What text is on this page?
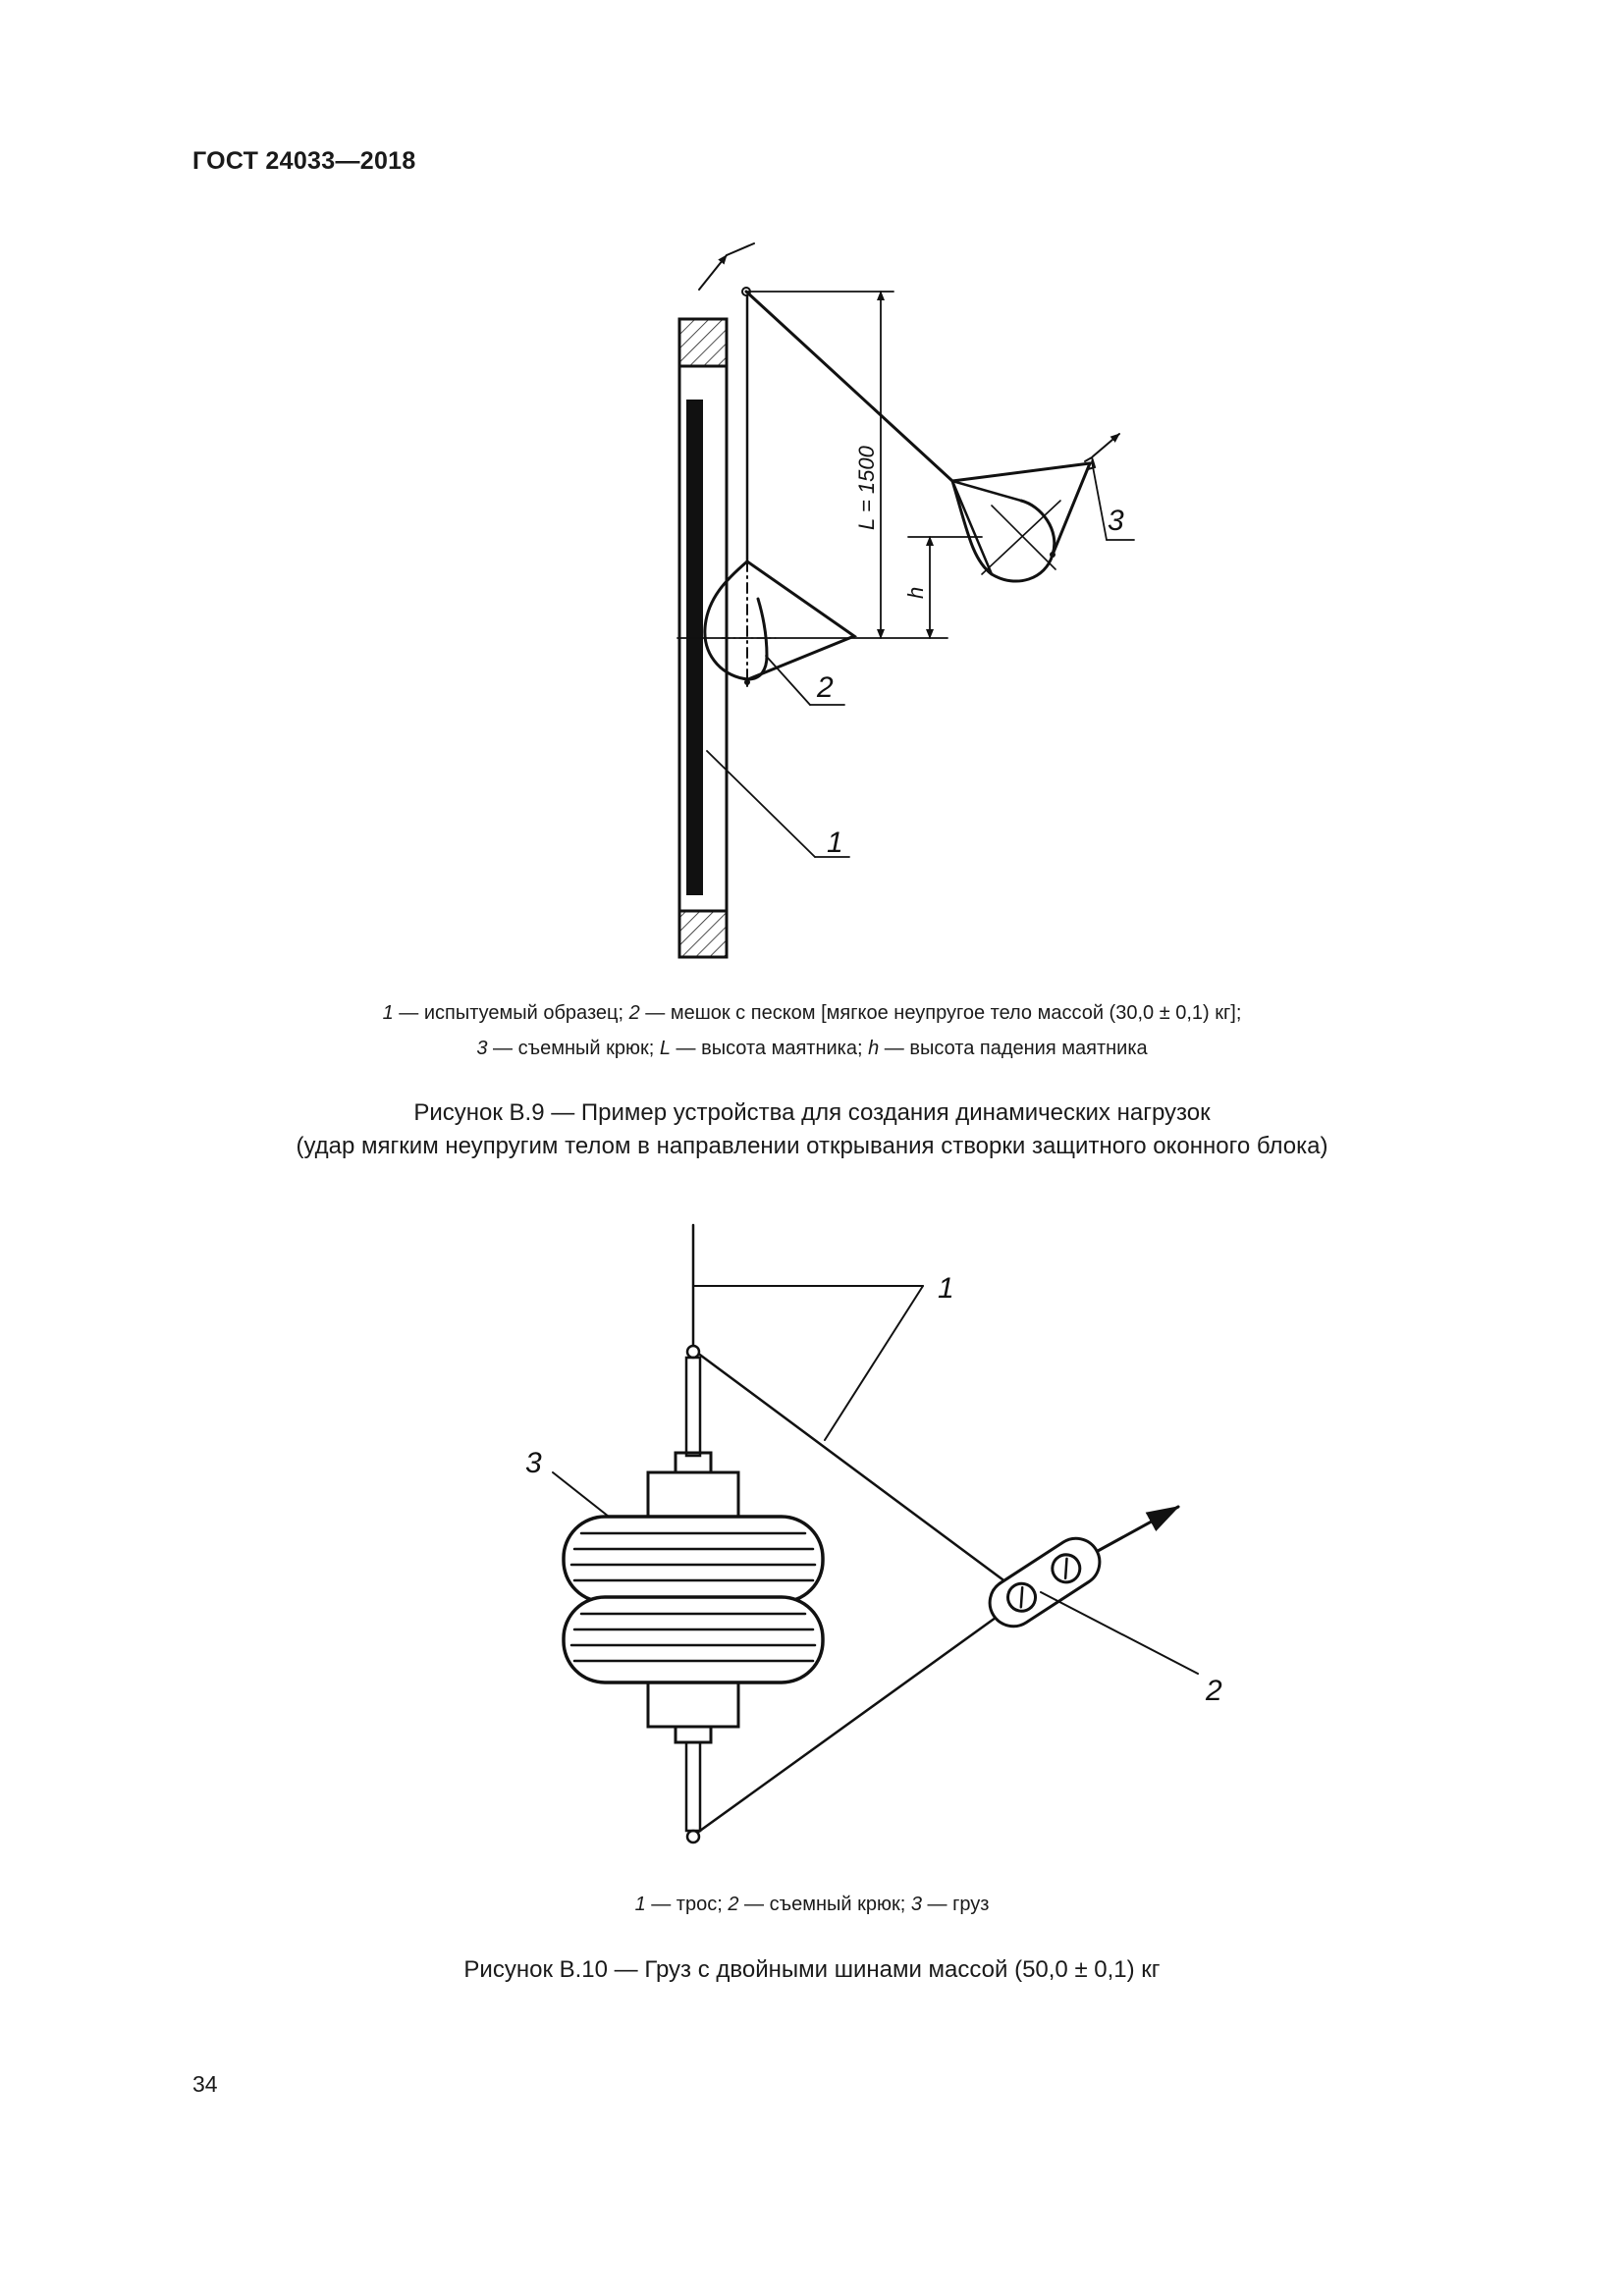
ГОСТ 24033—2018
L = 1500
h
3
2
1
1 — испытуемый образец; 2 — мешок с песком [мягкое неупругое тело массой (30,0 ± 0,1) кг];
3 — съемный крюк; L — высота маятника; h — высота падения маятника
Рисунок В.9 — Пример устройства для создания динамических нагрузок
(удар мягким неупругим телом в направлении открывания створки защитного оконного блока)
1
3
2
1 — трос; 2 — съемный крюк; 3 — груз
Рисунок В.10 — Груз с двойными шинами массой (50,0 ± 0,1) кг
34
